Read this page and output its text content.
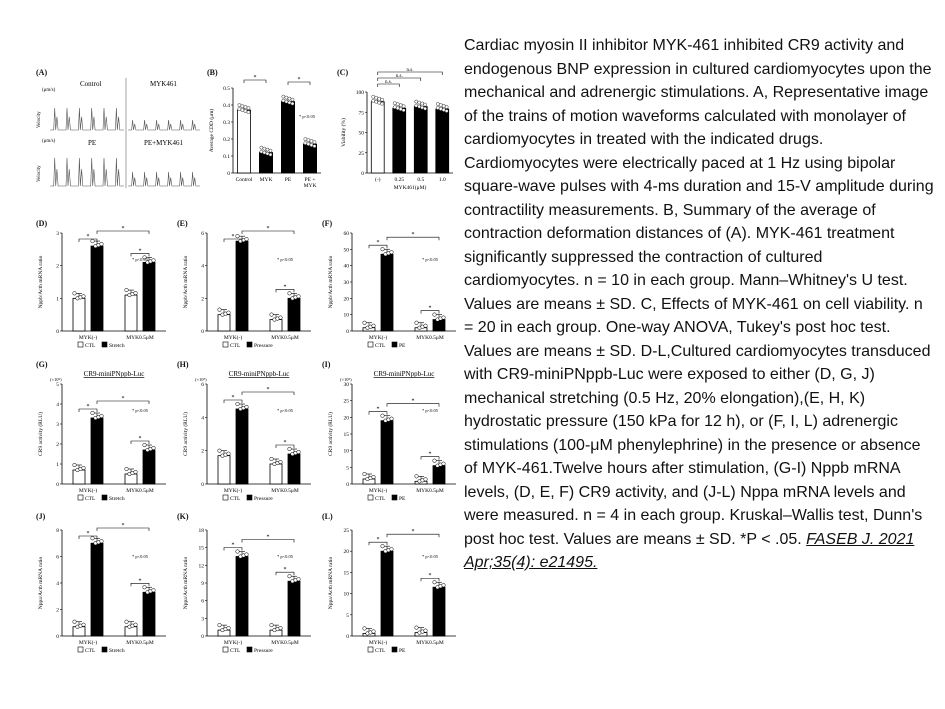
(A)
(μm/s)
(μm/s)
Velocity
Velocity
Control	MYK461
PE	PE+MYK461
(B)
0
0.1
0.2
0.3
0.4
0.5
Average CDD (μm)
Control MYK PE PE +
MYK
*	*
* p<0.05
(C)
0
25
50
75
100
Viability (%)
(-)	0.25 0.5	1.0
MYK461(μM)
n.s.
n.s.
n.s.
(D)
0
1
2
3
Nppb/Actb mRNA ratio
MYK(-)	MYK0.5μM
*
*
*
* p<0.05
CTL Stretch
(E)
0
2
4
6
Nppb/Actb mRNA ratio
MYK(-)	MYK0.5μM
*
*
*
* p<0.05
CTL Pressure
(F)
0
10
20
30
40
50
60
Nppb/Actb mRNA ratio
MYK(-)	MYK0.5μM
*
*
*
* p<0.05
CTL PE
(G)
0
1
2
3
4
5
CR9 activity (RLU)
(×10⁵)
CR9-miniPNppb-Luc
MYK(-)	MYK0.5μM
*
*
*
* p<0.05
CTL Stretch
(H)
0
2
4
6
CR9 activity (RLU)
(×10⁵)
CR9-miniPNppb-Luc
MYK(-)	MYK0.5μM
*
*
*
* p<0.05
CTL Pressure
(I)
0
5
10
15
20
25
30
CR9 activity (RLU)
(×10⁵)
CR9-miniPNppb-Luc
MYK(-)	MYK0.5μM
*
*
*
* p<0.05
CTL PE
(J)
0
2
4
6
8
Nppa/Actb mRNA ratio
MYK(-)	MYK0.5μM
*
*
*
* p<0.05
CTL Stretch
(K)
0
3
6
9
12
15
18
Nppa/Actb mRNA ratio
MYK(-)	MYK0.5μM
*
*
*
* p<0.05
CTL Pressure
(L)
0
5
10
15
20
25
Nppa/Actb mRNA ratio
MYK(-)	MYK0.5μM
*
*
*
* p<0.05
CTL PE

Cardiac myosin II inhibitor MYK-461 inhibited CR9 activity and endogenous BNP expression in cultured cardiomyocytes upon the mechanical and adrenergic stimulations. A, Representative image of the trains of motion waveforms calculated with monolayer of cardiomyocytes in treated with the indicated drugs. Cardiomyocytes were electrically paced at 1 Hz using bipolar square-wave pulses with 4-ms duration and 15-V amplitude during contractility measurements. B, Summary of the average of contraction deformation distances of (A). MYK-461 treatment significantly suppressed the contraction of cultured cardiomyocytes. n = 10 in each group. Mann–Whitney's U test. Values are means ± SD. C, Effects of MYK-461 on cell viability. n = 20 in each group. One-way ANOVA, Tukey's post hoc test. Values are means ± SD. D-L,Cultured cardiomyocytes transduced with CR9-miniPNppb-Luc were exposed to either (D, G, J) mechanical stretching (0.5 Hz, 20% elongation),(E, H, K) hydrostatic pressure (150 kPa for 12 h), or (F, I, L) adrenergic stimulations (100-μM phenylephrine) in the presence or absence of MYK-461.Twelve hours after stimulation, (G-I) Nppb mRNA levels, (D, E, F) CR9 activity, and (J-L) Nppa mRNA levels and were measured. n = 4 in each group. Kruskal–Wallis test, Dunn's post hoc test. Values are means ± SD. *P < .05. FASEB J. 2021 Apr;35(4): e21495.
